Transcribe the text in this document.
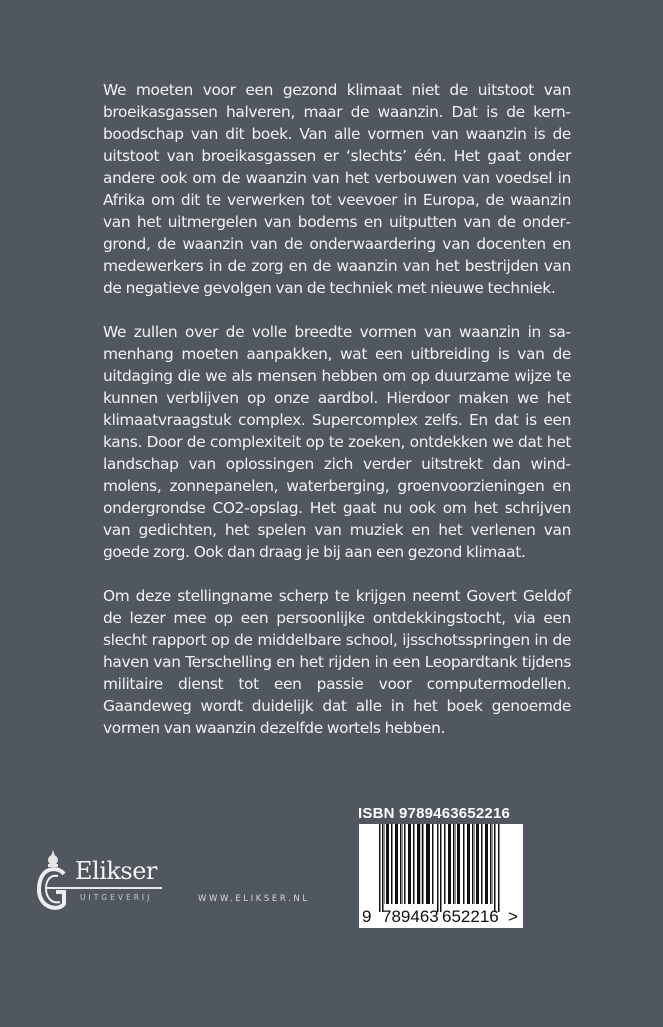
We moeten voor een gezond klimaat niet de uitstoot van broeikasgassen halveren, maar de waanzin. Dat is de kernboodschap van dit boek. Van alle vormen van waanzin is de uitstoot van broeikasgassen er ‘slechts’ één. Het gaat onder andere ook om de waanzin van het verbouwen van voedsel in Afrika om dit te verwerken tot veevoer in Europa, de waanzin van het uitmergelen van bodems en uitputten van de ondergrond, de waanzin van de onderwaardering van docenten en medewerkers in de zorg en de waanzin van het bestrijden van de negatieve gevolgen van de techniek met nieuwe techniek.

We zullen over de volle breedte vormen van waanzin in samenhang moeten aanpakken, wat een uitbreiding is van de uitdaging die we als mensen hebben om op duurzame wijze te kunnen verblijven op onze aardbol. Hierdoor maken we het klimaatvraagstuk complex. Supercomplex zelfs. En dat is een kans. Door de complexiteit op te zoeken, ontdekken we dat het landschap van oplossingen zich verder uitstrekt dan windmolens, zonnepanelen, waterberging, groenvoorzieningen en ondergrondse CO2-opslag. Het gaat nu ook om het schrijven van gedichten, het spelen van muziek en het verlenen van goede zorg. Ook dan draag je bij aan een gezond klimaat.

Om deze stellingname scherp te krijgen neemt Govert Geldof de lezer mee op een persoonlijke ontdekkingstocht, via een slecht rapport op de middelbare school, ijsschotsspringen in de haven van Terschelling en het rijden in een Leopardtank tijdens militaire dienst tot een passie voor computermodellen. Gaandeweg wordt duidelijk dat alle in het boek genoemde vormen van waanzin dezelfde wortels hebben.

Elikser
UITGEVERIJ	WWW.ELIKSER.NL
ISBN 9789463652216

9

789463

652216

>
